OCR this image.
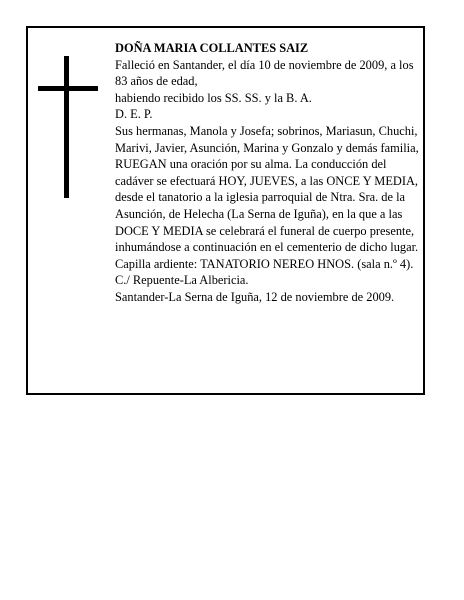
DOÑA MARIA COLLANTES SAIZ

Falleció en Santander, el día 10 de noviembre de 2009, a los 83 años de edad,

habiendo recibido los SS. SS. y la B. A.

D. E. P.

Sus hermanas, Manola y Josefa; sobrinos, Mariasun, Chuchi, Marivi, Javier, Asunción, Marina y Gonzalo y demás familia,

RUEGAN una oración por su alma. La conducción del cadáver se efectuará HOY, JUEVES, a las ONCE Y MEDIA, desde el tanatorio a la iglesia parroquial de Ntra. Sra. de la Asunción, de Helecha (La Serna de Iguña), en la que a las DOCE Y MEDIA se celebrará el funeral de cuerpo presente, inhumándose a continuación en el cementerio de dicho lugar. Capilla ardiente: TANATORIO NEREO HNOS. (sala n.º 4). C./ Repuente-La Albericia.

Santander-La Serna de Iguña, 12 de noviembre de 2009.
